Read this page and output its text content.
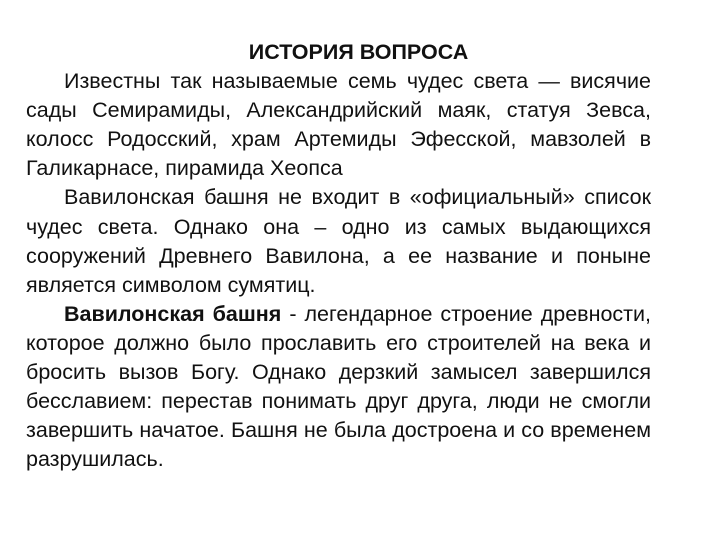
ИСТОРИЯ ВОПРОСА

Известны так называемые семь чудес света — висячие сады Семирамиды, Александрийский маяк, статуя Зевса, колосс Родосский, храм Артемиды Эфесской, мавзолей в Галикарнасе, пирамида Хеопса

Вавилонская башня не входит в «официальный» список чудес света. Однако она – одно из самых выдающихся сооружений Древнего Вавилона, а ее название и поныне является символом сумятиц.

Вавилонская башня - легендарное строение древности, которое должно было прославить его строителей на века и бросить вызов Богу. Однако дерзкий замысел завершился бесславием: перестав понимать друг друга, люди не смогли завершить начатое. Башня не была достроена и со временем разрушилась.
